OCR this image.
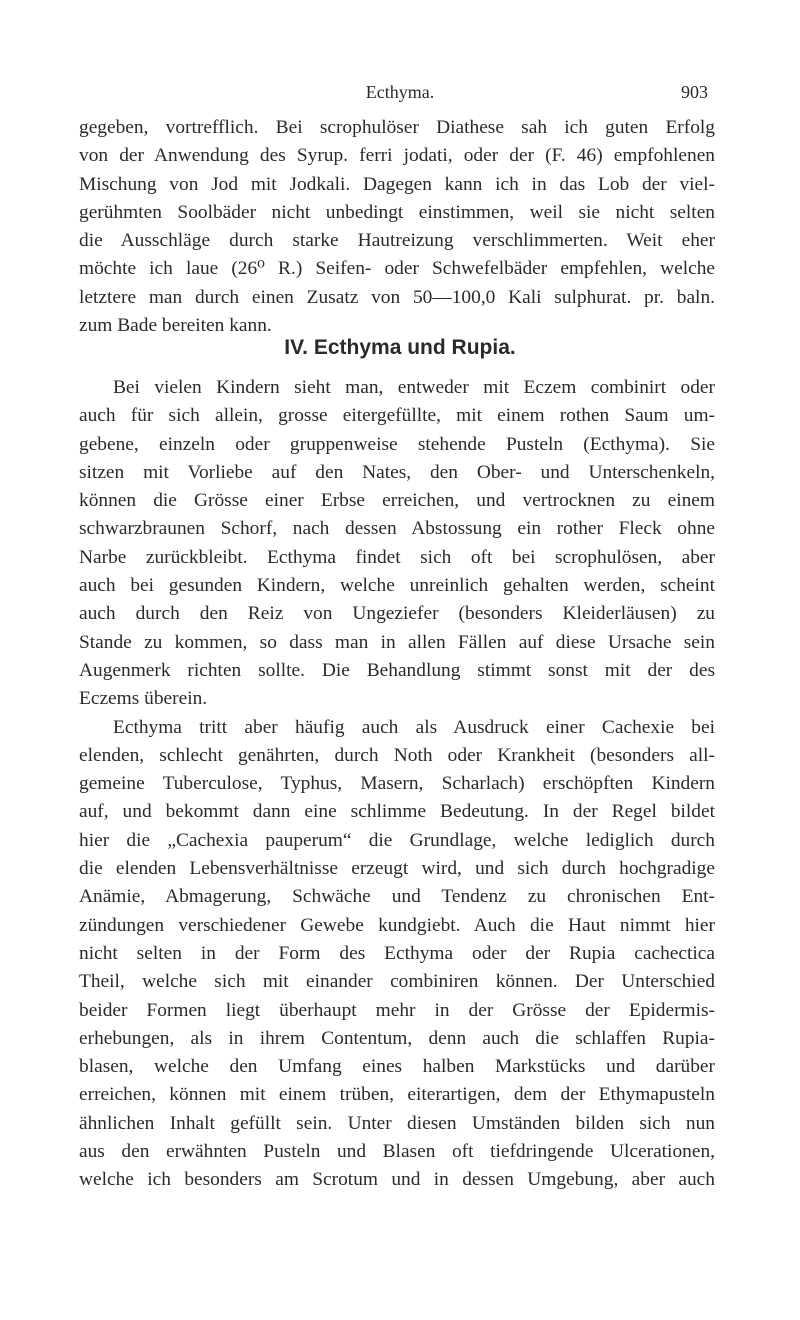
Ecthyma.	903
gegeben, vortrefflich. Bei scrophulöser Diathese sah ich guten Erfolg
von der Anwendung des Syrup. ferri jodati, oder der (F. 46) empfohlenen
Mischung von Jod mit Jodkali. Dagegen kann ich in das Lob der viel-
gerühmten Soolbäder nicht unbedingt einstimmen, weil sie nicht selten
die Ausschläge durch starke Hautreizung verschlimmerten. Weit eher
möchte ich laue (26⁰ R.) Seifen- oder Schwefelbäder empfehlen, welche
letztere man durch einen Zusatz von 50—100,0 Kali sulphurat. pr. baln.
zum Bade bereiten kann.
IV. Ecthyma und Rupia.
Bei vielen Kindern sieht man, entweder mit Eczem combinirt oder
auch für sich allein, grosse eitergefüllte, mit einem rothen Saum um-
gebene, einzeln oder gruppenweise stehende Pusteln (Ecthyma). Sie
sitzen mit Vorliebe auf den Nates, den Ober- und Unterschenkeln,
können die Grösse einer Erbse erreichen, und vertrocknen zu einem
schwarzbraunen Schorf, nach dessen Abstossung ein rother Fleck ohne
Narbe zurückbleibt. Ecthyma findet sich oft bei scrophulösen, aber
auch bei gesunden Kindern, welche unreinlich gehalten werden, scheint
auch durch den Reiz von Ungeziefer (besonders Kleiderläusen) zu
Stande zu kommen, so dass man in allen Fällen auf diese Ursache sein
Augenmerk richten sollte. Die Behandlung stimmt sonst mit der des
Eczems überein.
Ecthyma tritt aber häufig auch als Ausdruck einer Cachexie bei
elenden, schlecht genährten, durch Noth oder Krankheit (besonders all-
gemeine Tuberculose, Typhus, Masern, Scharlach) erschöpften Kindern
auf, und bekommt dann eine schlimme Bedeutung. In der Regel bildet
hier die „Cachexia pauperum“ die Grundlage, welche lediglich durch
die elenden Lebensverhältnisse erzeugt wird, und sich durch hochgradige
Anämie, Abmagerung, Schwäche und Tendenz zu chronischen Ent-
zündungen verschiedener Gewebe kundgiebt. Auch die Haut nimmt hier
nicht selten in der Form des Ecthyma oder der Rupia cachectica
Theil, welche sich mit einander combiniren können. Der Unterschied
beider Formen liegt überhaupt mehr in der Grösse der Epidermis-
erhebungen, als in ihrem Contentum, denn auch die schlaffen Rupia-
blasen, welche den Umfang eines halben Markstücks und darüber
erreichen, können mit einem trüben, eiterartigen, dem der Ethymapusteln
ähnlichen Inhalt gefüllt sein. Unter diesen Umständen bilden sich nun
aus den erwähnten Pusteln und Blasen oft tiefdringende Ulcerationen,
welche ich besonders am Scrotum und in dessen Umgebung, aber auch
